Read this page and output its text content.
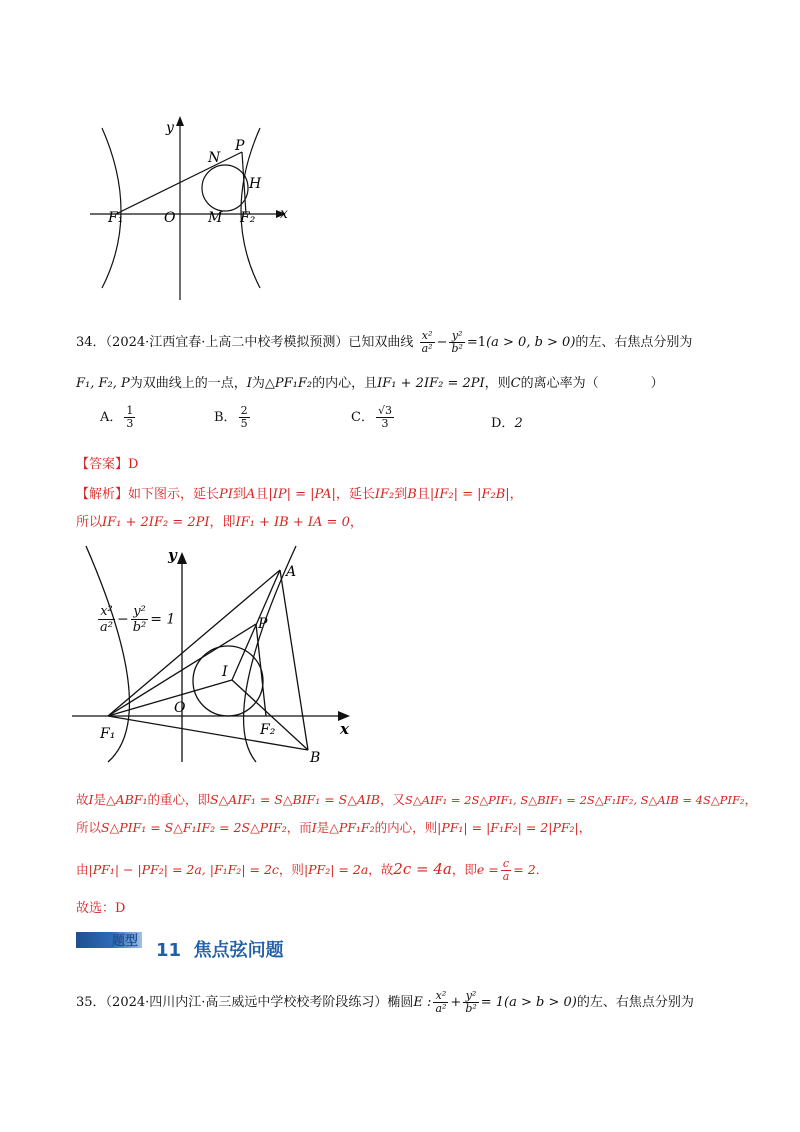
y
x
N
P
H
F₁	O M F₂
34．（2024·江西宜春·上高二中校考模拟预测）已知双曲线 $\frac{\text{x²}}{\text{a²}} - \frac{\text{y²}}{\text{b²}} =1(a > 0$, b > 0)的左、右焦点分别为
F₁, F₂, P为双曲线上的一点，I为△PF₁F₂的内心，且IF₁ + 2IF₂ = 2PI，则C的离心率为（　　　　）
A． $\frac{1}{3}$	B． $\frac{2}{5}$	C． $\frac{√3}{3}$	D．2
【答案】D
【解析】如下图示，延长PI到A且|IP| = |PA|，延长IF₂到B且|IF₂| = |F₂B|，
所以IF₁ + 2IF₂ = 2PI，即IF₁ + IB + IA = 0，
y
x
A
P
I
O
F₁	F₂
B
$\frac{\text{x²}}{\text{a²}} - \frac{\text{y²}}{\text{b²}} = 1$
故I是△ABF₁的重心，即S△AIF₁ = S△BIF₁ = S△AIB，又S△AIF₁ = 2S△PIF₁, S△BIF₁ = 2S△F₁IF₂, S△AIB = 4S△PIF₂，
所以S△PIF₁ = S△F₁IF₂ = 2S△PIF₂，而I是△PF₁F₂的内心，则|PF₁| = |F₁F₂| = 2|PF₂|，
由|PF₁| − |PF₂| = 2a, |F₁F₂| = 2c，则|PF₂| = 2a，故2c = 4a，即$e = \frac{c}{a} = 2$．
故选：D
题型 11 焦点弦问题
35．（2024·四川内江·高三威远中学校校考阶段练习）椭圆E : $\frac{\text{x²}}{\text{a²}} + \frac{\text{y²}}{\text{b²}} = 1(a > b > 0)$的左、右焦点分别为
